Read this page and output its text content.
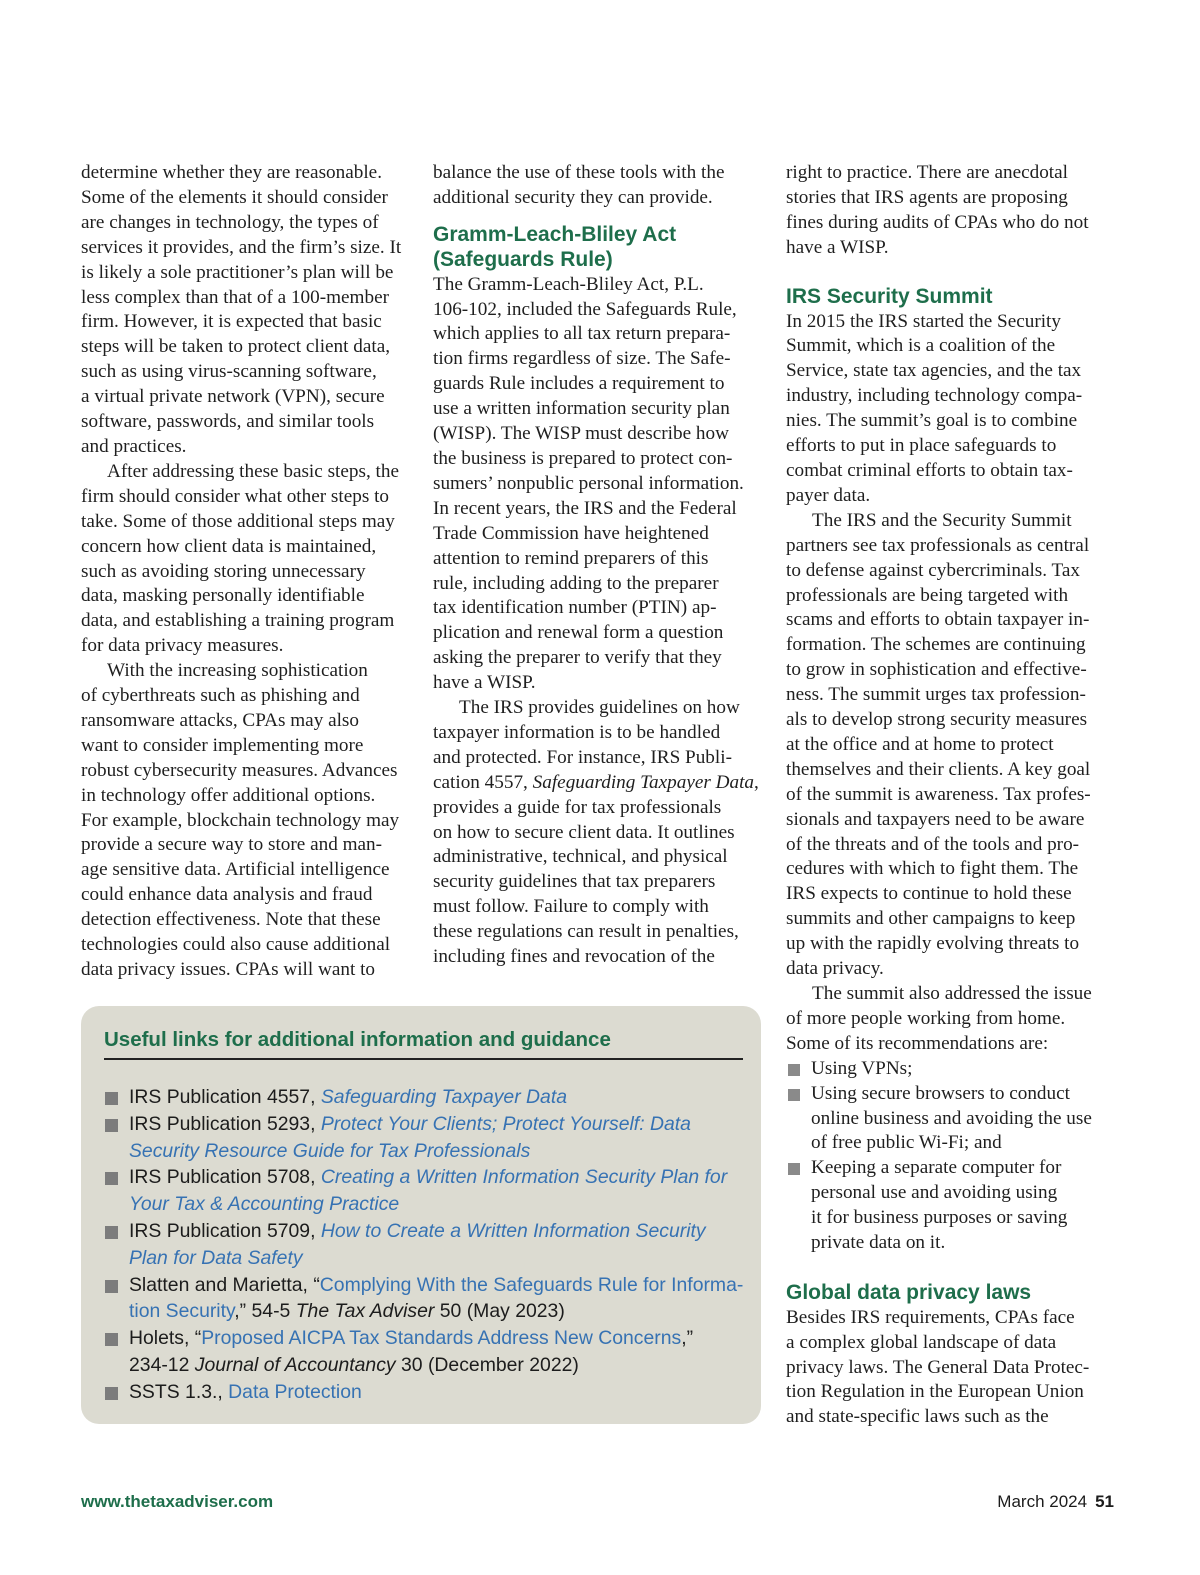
determine whether they are reasonable.
Some of the elements it should consider
are changes in technology, the types of
services it provides, and the firm’s size. It
is likely a sole practitioner’s plan will be
less complex than that of a 100-member
firm. However, it is expected that basic
steps will be taken to protect client data,
such as using virus-scanning software,
a virtual private network (VPN), secure
software, passwords, and similar tools
and practices.
After addressing these basic steps, the
firm should consider what other steps to
take. Some of those additional steps may
concern how client data is maintained,
such as avoiding storing unnecessary
data, masking personally identifiable
data, and establishing a training program
for data privacy measures.
With the increasing sophistication
of cyberthreats such as phishing and
ransomware attacks, CPAs may also
want to consider implementing more
robust cybersecurity measures. Advances
in technology offer additional options.
For example, blockchain technology may
provide a secure way to store and man-
age sensitive data. Artificial intelligence
could enhance data analysis and fraud
detection effectiveness. Note that these
technologies could also cause additional
data privacy issues. CPAs will want to
balance the use of these tools with the
additional security they can provide.
Gramm-Leach-Bliley Act
(Safeguards Rule)
The Gramm-Leach-Bliley Act, P.L.
106-102, included the Safeguards Rule,
which applies to all tax return prepara-
tion firms regardless of size. The Safe-
guards Rule includes a requirement to
use a written information security plan
(WISP). The WISP must describe how
the business is prepared to protect con-
sumers’ nonpublic personal information.
In recent years, the IRS and the Federal
Trade Commission have heightened
attention to remind preparers of this
rule, including adding to the preparer
tax identification number (PTIN) ap-
plication and renewal form a question
asking the preparer to verify that they
have a WISP.
The IRS provides guidelines on how
taxpayer information is to be handled
and protected. For instance, IRS Publi-
cation 4557, Safeguarding Taxpayer Data,
provides a guide for tax professionals
on how to secure client data. It outlines
administrative, technical, and physical
security guidelines that tax preparers
must follow. Failure to comply with
these regulations can result in penalties,
including fines and revocation of the
right to practice. There are anecdotal
stories that IRS agents are proposing
fines during audits of CPAs who do not
have a WISP.
IRS Security Summit
In 2015 the IRS started the Security
Summit, which is a coalition of the
Service, state tax agencies, and the tax
industry, including technology compa-
nies. The summit’s goal is to combine
efforts to put in place safeguards to
combat criminal efforts to obtain tax-
payer data.
The IRS and the Security Summit
partners see tax professionals as central
to defense against cybercriminals. Tax
professionals are being targeted with
scams and efforts to obtain taxpayer in-
formation. The schemes are continuing
to grow in sophistication and effective-
ness. The summit urges tax profession-
als to develop strong security measures
at the office and at home to protect
themselves and their clients. A key goal
of the summit is awareness. Tax profes-
sionals and taxpayers need to be aware
of the threats and of the tools and pro-
cedures with which to fight them. The
IRS expects to continue to hold these
summits and other campaigns to keep
up with the rapidly evolving threats to
data privacy.
The summit also addressed the issue
of more people working from home.
Some of its recommendations are:
Using VPNs;
Using secure browsers to conduct
online business and avoiding the use
of free public Wi-Fi; and
Keeping a separate computer for
personal use and avoiding using
it for business purposes or saving
private data on it.
Global data privacy laws
Besides IRS requirements, CPAs face
a complex global landscape of data
privacy laws. The General Data Protec-
tion Regulation in the European Union
and state-specific laws such as the
Useful links for additional information and guidance
IRS Publication 4557, Safeguarding Taxpayer Data
IRS Publication 5293, Protect Your Clients; Protect Yourself: Data
Security Resource Guide for Tax Professionals
IRS Publication 5708, Creating a Written Information Security Plan for
Your Tax & Accounting Practice
IRS Publication 5709, How to Create a Written Information Security
Plan for Data Safety
Slatten and Marietta, “Complying With the Safeguards Rule for Informa-
tion Security,” 54-5 The Tax Adviser 50 (May 2023)
Holets, “Proposed AICPA Tax Standards Address New Concerns,”
234-12 Journal of Accountancy 30 (December 2022)
SSTS 1.3., Data Protection
www.thetaxadviser.com	March 2024 51
